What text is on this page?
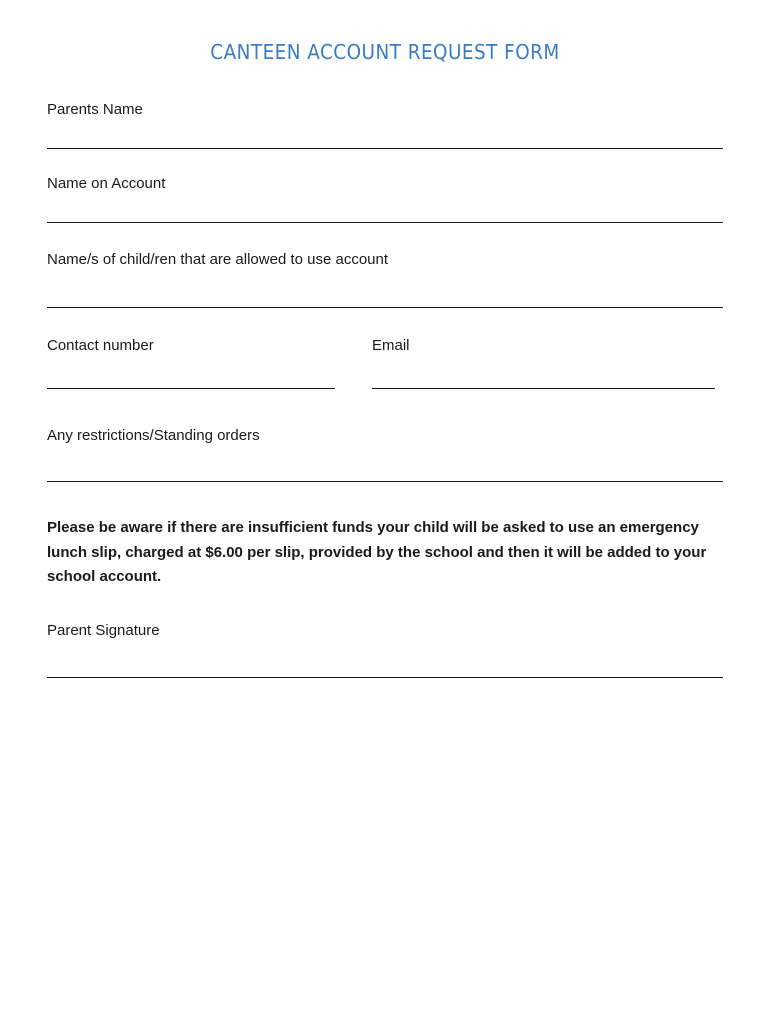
CANTEEN ACCOUNT REQUEST FORM
Parents Name
Name on Account
Name/s of child/ren that are allowed to use account
Contact number	Email
Any restrictions/Standing orders
Please be aware if there are insufficient funds your child will be asked to use an emergency lunch slip, charged at $6.00 per slip, provided by the school and then it will be added to your school account.
Parent Signature
